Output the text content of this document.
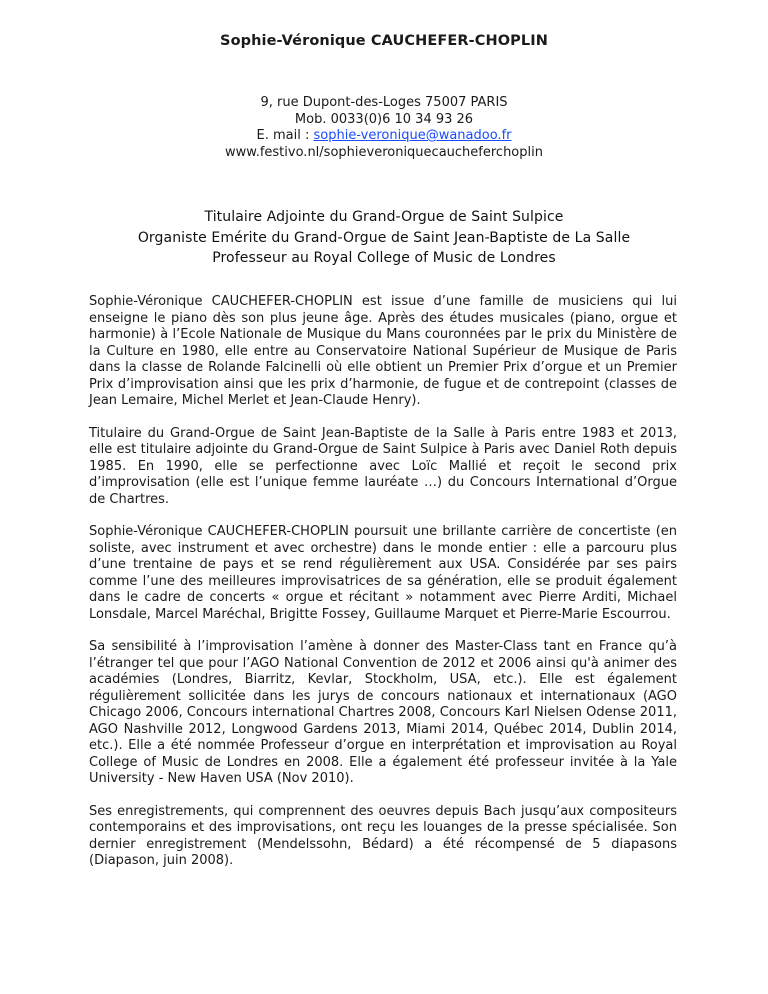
Sophie-Véronique CAUCHEFER-CHOPLIN
9, rue Dupont-des-Loges 75007 PARIS
Mob. 0033(0)6 10 34 93 26
E. mail : sophie-veronique@wanadoo.fr
www.festivo.nl/sophieveroniquecaucheferchoplin
Titulaire Adjointe du Grand-Orgue de Saint Sulpice
Organiste Emérite du Grand-Orgue de Saint Jean-Baptiste de La Salle
Professeur au Royal College of Music de Londres

Sophie-Véronique CAUCHEFER-CHOPLIN est issue d’une famille de musiciens qui lui enseigne le piano dès son plus jeune âge. Après des études musicales (piano, orgue et harmonie) à l’Ecole Nationale de Musique du Mans couronnées par le prix du Ministère de la Culture en 1980, elle entre au Conservatoire National Supérieur de Musique de Paris dans la classe de Rolande Falcinelli où elle obtient un Premier Prix d’orgue et un Premier Prix d’improvisation ainsi que les prix d’harmonie, de fugue et de contrepoint (classes de Jean Lemaire, Michel Merlet et Jean-Claude Henry).

Titulaire du Grand-Orgue de Saint Jean-Baptiste de la Salle à Paris entre 1983 et 2013, elle est titulaire adjointe du Grand-Orgue de Saint Sulpice à Paris avec Daniel Roth depuis 1985. En 1990, elle se perfectionne avec Loïc Mallié et reçoit le second prix d’improvisation (elle est l’unique femme lauréate …) du Concours International d’Orgue de Chartres.

Sophie-Véronique CAUCHEFER-CHOPLIN poursuit une brillante carrière de concertiste (en soliste, avec instrument et avec orchestre) dans le monde entier : elle a parcouru plus d’une trentaine de pays et se rend régulièrement aux USA. Considérée par ses pairs comme l’une des meilleures improvisatrices de sa génération, elle se produit également dans le cadre de concerts « orgue et récitant » notamment avec Pierre Arditi, Michael Lonsdale, Marcel Maréchal, Brigitte Fossey, Guillaume Marquet et Pierre-Marie Escourrou.

Sa sensibilité à l’improvisation l’amène à donner des Master-Class tant en France qu’à l’étranger tel que pour l’AGO National Convention de 2012 et 2006 ainsi qu'à animer des académies (Londres, Biarritz, Kevlar, Stockholm, USA, etc.). Elle est également régulièrement sollicitée dans les jurys de concours nationaux et internationaux (AGO Chicago 2006, Concours international Chartres 2008, Concours Karl Nielsen Odense 2011, AGO Nashville 2012, Longwood Gardens 2013, Miami 2014, Québec 2014, Dublin 2014, etc.). Elle a été nommée Professeur d’orgue en interprétation et improvisation au Royal College of Music de Londres en 2008. Elle a également été professeur invitée à la Yale University - New Haven USA (Nov 2010).

Ses enregistrements, qui comprennent des oeuvres depuis Bach jusqu’aux compositeurs contemporains et des improvisations, ont reçu les louanges de la presse spécialisée. Son dernier enregistrement (Mendelssohn, Bédard) a été récompensé de 5 diapasons (Diapason, juin 2008).
